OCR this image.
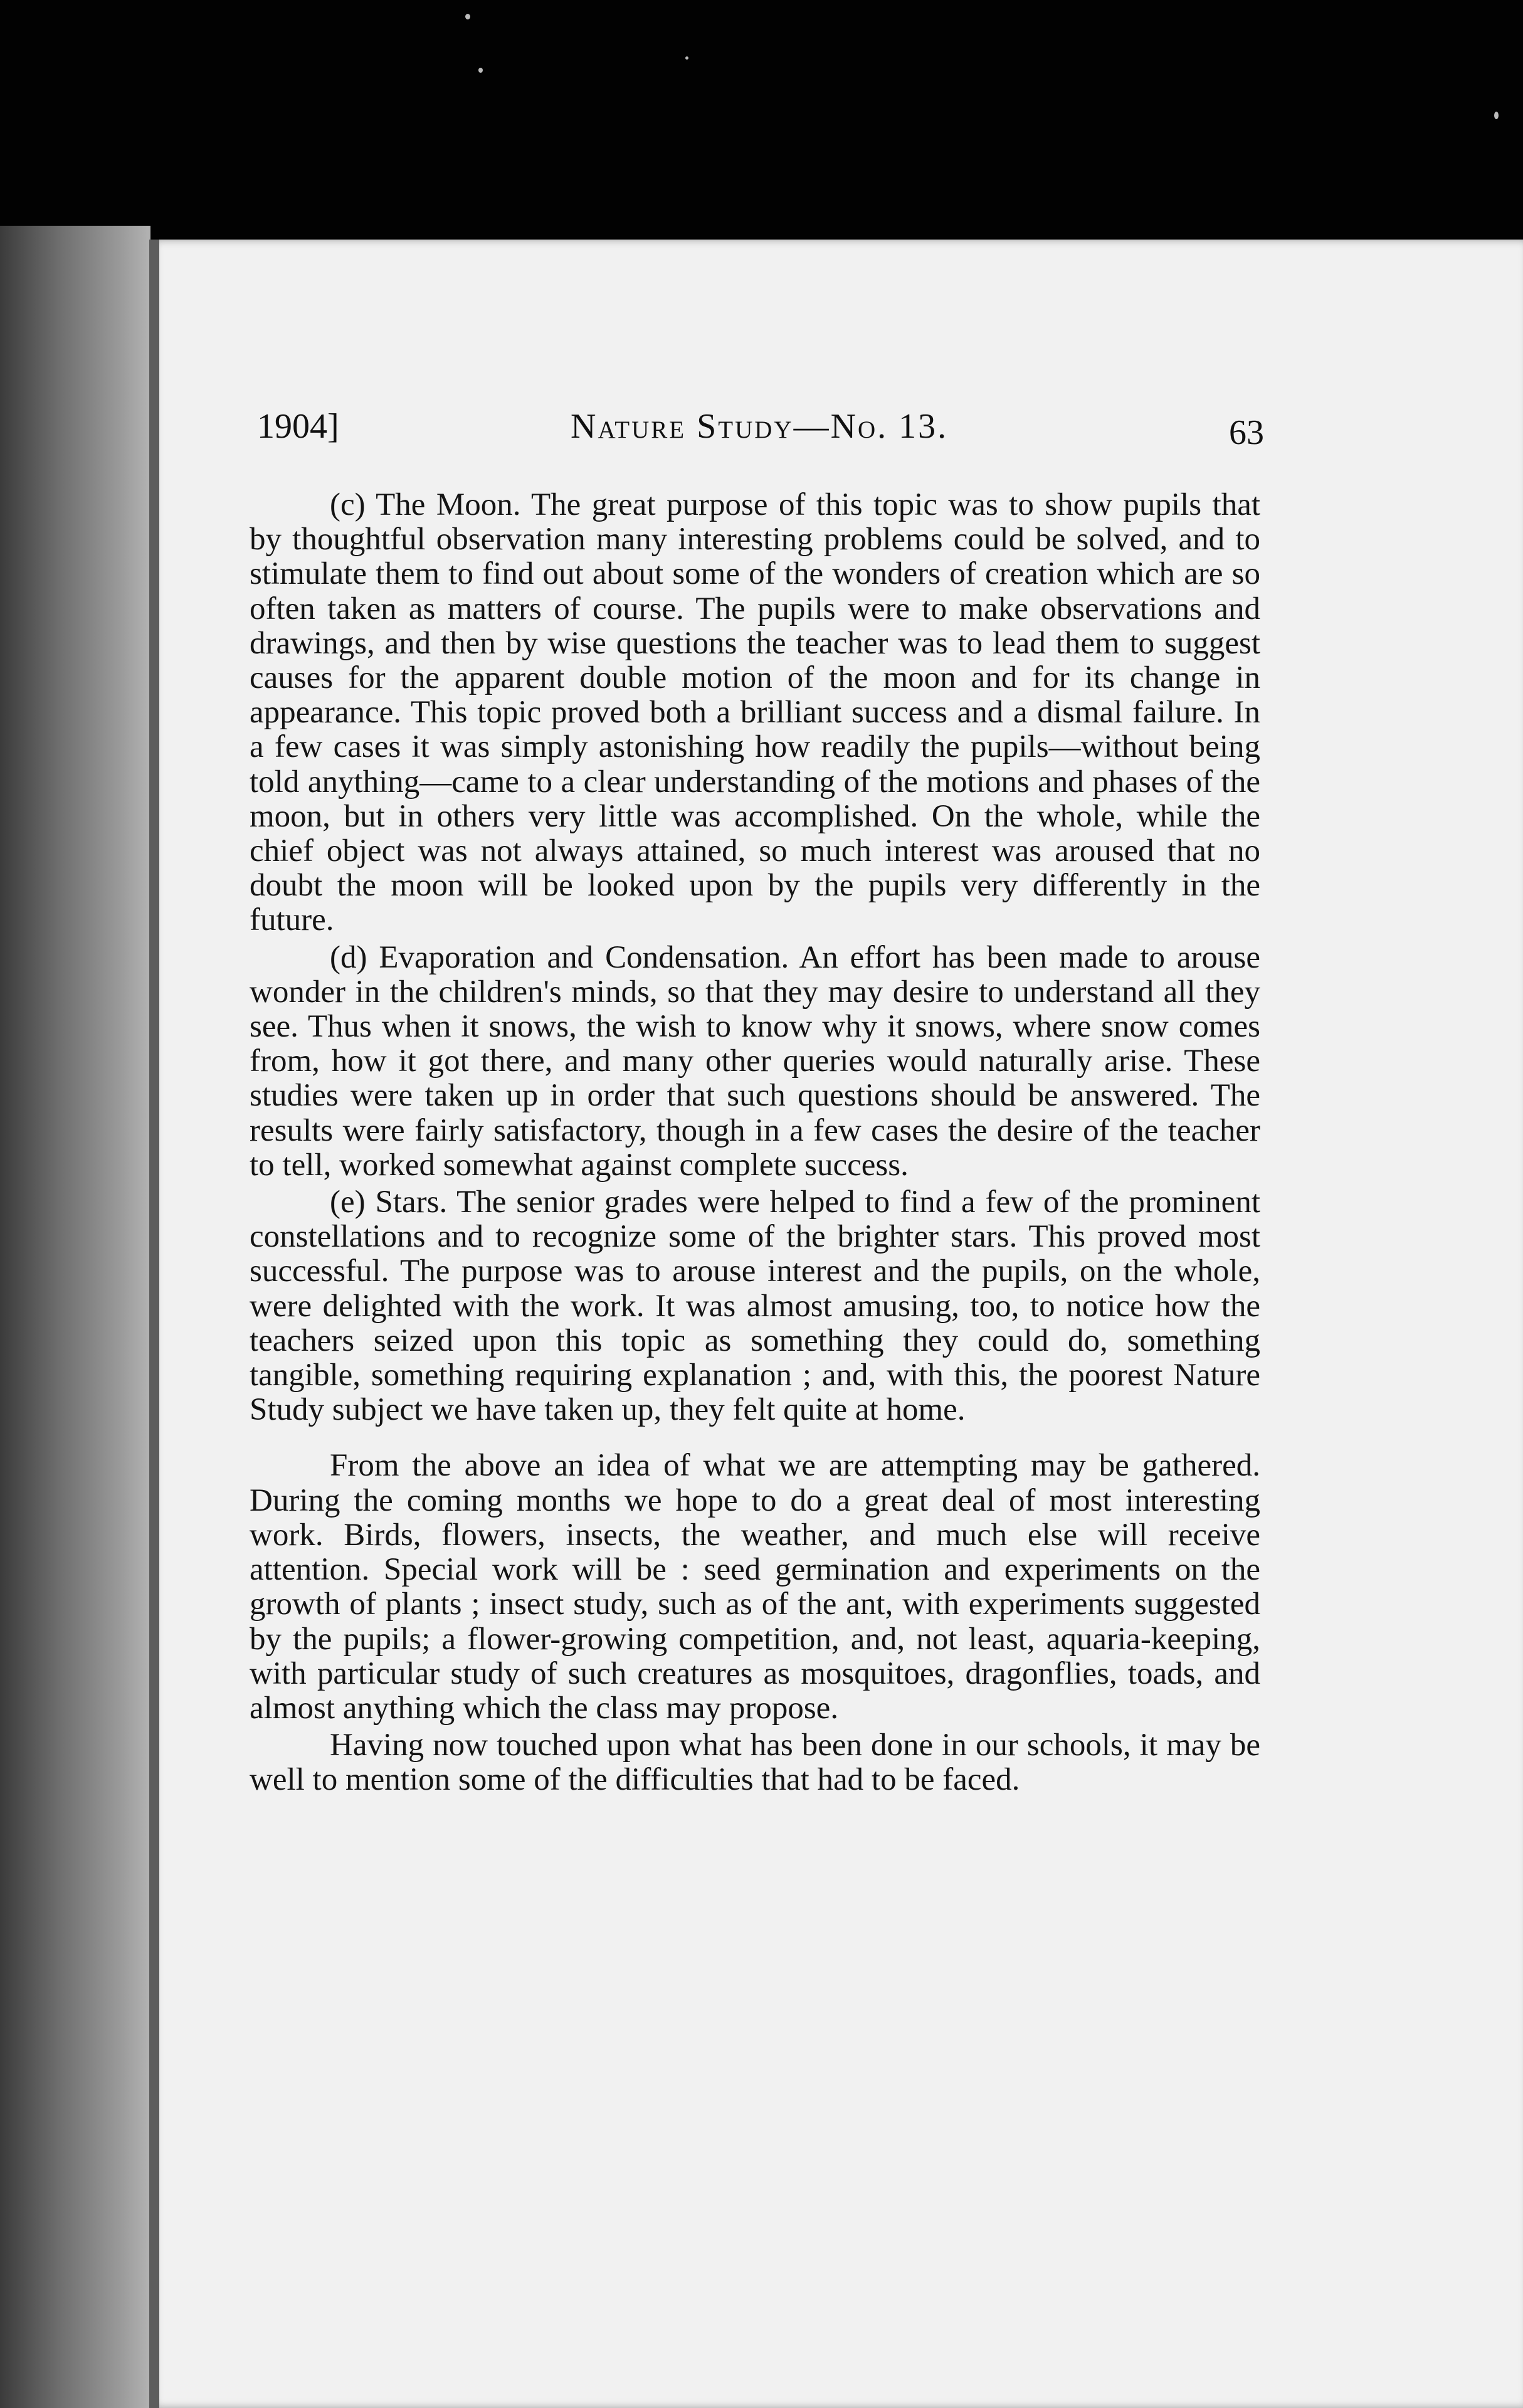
1904]	Nature Study—No. 13.	63

(c) The Moon. The great purpose of this topic was to show pupils that by thoughtful observation many interesting problems could be solved, and to stimulate them to find out about some of the wonders of creation which are so often taken as matters of course. The pupils were to make observations and drawings, and then by wise questions the teacher was to lead them to suggest causes for the apparent double motion of the moon and for its change in appearance. This topic proved both a brilliant success and a dismal failure. In a few cases it was simply astonishing how readily the pupils—without being told anything—came to a clear understanding of the motions and phases of the moon, but in others very little was accomplished. On the whole, while the chief object was not always attained, so much interest was aroused that no doubt the moon will be looked upon by the pupils very differently in the future.

(d) Evaporation and Condensation. An effort has been made to arouse wonder in the children's minds, so that they may desire to understand all they see. Thus when it snows, the wish to know why it snows, where snow comes from, how it got there, and many other queries would naturally arise. These studies were taken up in order that such questions should be answered. The results were fairly satisfactory, though in a few cases the desire of the teacher to tell, worked somewhat against complete success.

(e) Stars. The senior grades were helped to find a few of the prominent constellations and to recognize some of the brighter stars. This proved most successful. The purpose was to arouse interest and the pupils, on the whole, were delighted with the work. It was almost amusing, too, to notice how the teachers seized upon this topic as something they could do, something tangible, something requiring explanation ; and, with this, the poorest Nature Study subject we have taken up, they felt quite at home.

From the above an idea of what we are attempting may be gathered. During the coming months we hope to do a great deal of most interesting work. Birds, flowers, insects, the weather, and much else will receive attention. Special work will be : seed germination and experiments on the growth of plants ; insect study, such as of the ant, with experiments suggested by the pupils; a flower-growing competition, and, not least, aquaria-keeping, with particular study of such creatures as mosquitoes, dragonflies, toads, and almost anything which the class may propose.

Having now touched upon what has been done in our schools, it may be well to mention some of the difficulties that had to be faced.
